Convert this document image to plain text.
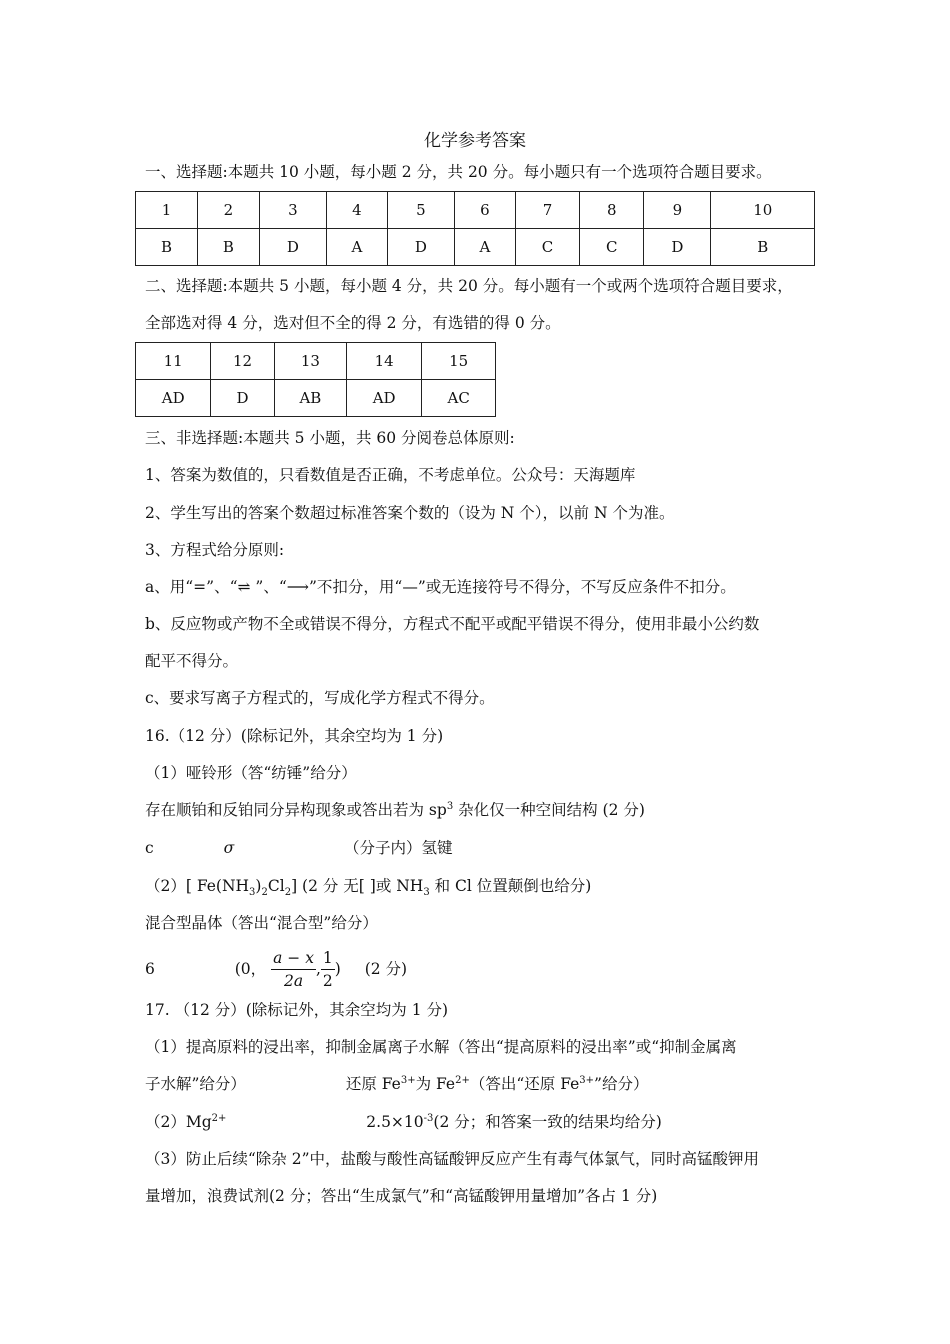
化学参考答案
一、选择题:本题共 10 小题，每小题 2 分，共 20 分。每小题只有一个选项符合题目要求。
1	2	3	4	5	6	7	8	9	10
B	B	D	A	D	A	C	C	D	B
二、选择题:本题共 5 小题，每小题 4 分，共 20 分。每小题有一个或两个选项符合题目要求，
全部选对得 4 分，选对但不全的得 2 分，有选错的得 0 分。
11	12	13	14	15
AD	D	AB	AD	AC
三、非选择题:本题共 5 小题，共 60 分阅卷总体原则:
1、答案为数值的，只看数值是否正确，不考虑单位。公众号：天海题库
2、学生写出的答案个数超过标准答案个数的（设为 N 个），以前 N 个为准。
3、方程式给分原则:
a、用“=”、“⇌ ”、“⟶”不扣分，用“—”或无连接符号不得分，不写反应条件不扣分。
b、反应物或产物不全或错误不得分，方程式不配平或配平错误不得分，使用非最小公约数
配平不得分。
c、要求写离子方程式的，写成化学方程式不得分。
16.（12 分）(除标记外，其余空均为 1 分)
（1）哑铃形（答“纺锤”给分）
存在顺铂和反铂同分异构现象或答出若为 $sp^3$ 杂化仅一种空间结构 (2 分)
c	σ	（分子内）氢键
（2）[ $Fe(NH_3)_2Cl_2$] (2 分 无[ ]或 $NH_3$ 和 Cl 位置颠倒也给分)
混合型晶体（答出“混合型”给分）
6	(0， $\frac{a - x}{2a}$ , $\frac{1}{2}$ ) (2 分)
17. （12 分）(除标记外，其余空均为 1 分)
（1）提高原料的浸出率，抑制金属离子水解（答出“提高原料的浸出率”或“抑制金属离
子水解”给分）	还原 $Fe^{3+}$为 $Fe^{2+}$（答出“还原 $Fe^{3+}$”给分）
$(2)Mg^{2+}$	$2.5\times 10^{-3}(2$ 分；和答案一致的结果均给分)
（3）防止后续“除杂 2”中，盐酸与酸性高锰酸钾反应产生有毒气体氯气，同时高锰酸钾用
量增加，浪费试剂(2 分；答出“生成氯气”和“高锰酸钾用量增加”各占 1 分)
